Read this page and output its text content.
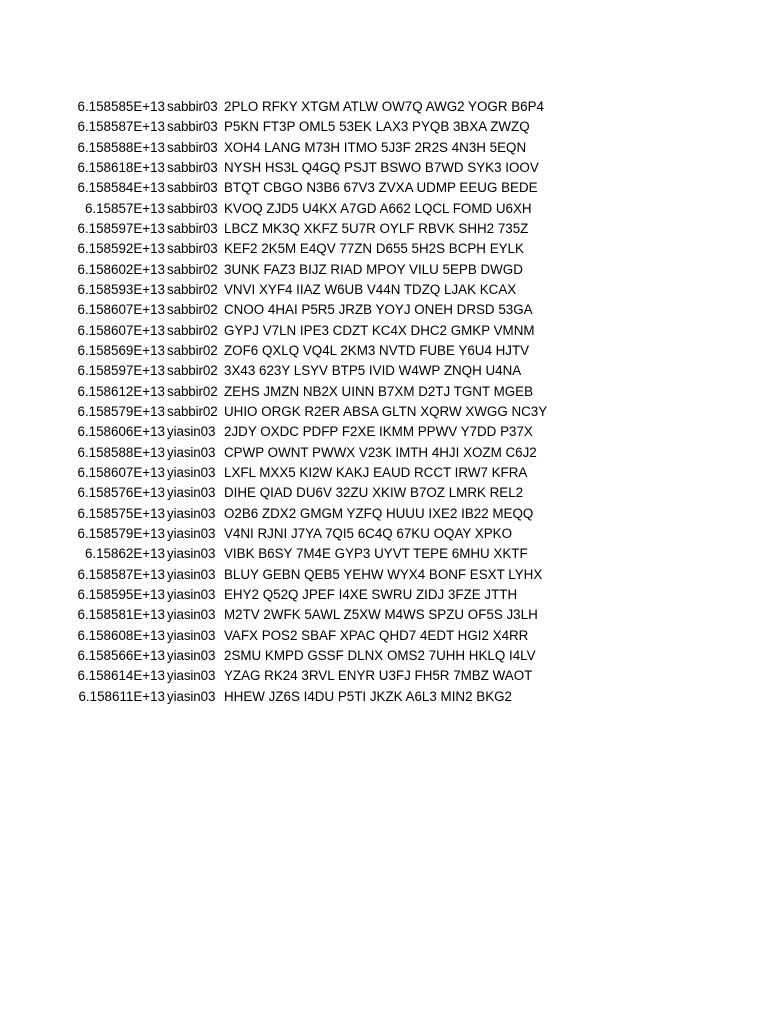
6.158585E+13 sabbir03 2PLO RFKY XTGM ATLW OW7Q AWG2 YOGR B6P4
6.158587E+13 sabbir03 P5KN FT3P OML5 53EK LAX3 PYQB 3BXA ZWZQ
6.158588E+13 sabbir03 XOH4 LANG M73H ITMO 5J3F 2R2S 4N3H 5EQN
6.158618E+13 sabbir03 NYSH HS3L Q4GQ PSJT BSWO B7WD SYK3 IOOV
6.158584E+13 sabbir03 BTQT CBGO N3B6 67V3 ZVXA UDMP EEUG BEDE
6.15857E+13 sabbir03 KVOQ ZJD5 U4KX A7GD A662 LQCL FOMD U6XH
6.158597E+13 sabbir03 LBCZ MK3Q XKFZ 5U7R OYLF RBVK SHH2 735Z
6.158592E+13 sabbir03 KEF2 2K5M E4QV 77ZN D655 5H2S BCPH EYLK
6.158602E+13 sabbir02 3UNK FAZ3 BIJZ RIAD MPOY VILU 5EPB DWGD
6.158593E+13 sabbir02 VNVI XYF4 IIAZ W6UB V44N TDZQ LJAK KCAX
6.158607E+13 sabbir02 CNOO 4HAI P5R5 JRZB YOYJ ONEH DRSD 53GA
6.158607E+13 sabbir02 GYPJ V7LN IPE3 CDZT KC4X DHC2 GMKP VMNM
6.158569E+13 sabbir02 ZOF6 QXLQ VQ4L 2KM3 NVTD FUBE Y6U4 HJTV
6.158597E+13 sabbir02 3X43 623Y LSYV BTP5 IVID W4WP ZNQH U4NA
6.158612E+13 sabbir02 ZEHS JMZN NB2X UINN B7XM D2TJ TGNT MGEB
6.158579E+13 sabbir02 UHIO ORGK R2ER ABSA GLTN XQRW XWGG NC3Y
6.158606E+13 yiasin03 2JDY OXDC PDFP F2XE IKMM PPWV Y7DD P37X
6.158588E+13 yiasin03 CPWP OWNT PWWX V23K IMTH 4HJI XOZM C6J2
6.158607E+13 yiasin03 LXFL MXX5 KI2W KAKJ EAUD RCCT IRW7 KFRA
6.158576E+13 yiasin03 DIHE QIAD DU6V 32ZU XKIW B7OZ LMRK REL2
6.158575E+13 yiasin03 O2B6 ZDX2 GMGM YZFQ HUUU IXE2 IB22 MEQQ
6.158579E+13 yiasin03 V4NI RJNI J7YA 7QI5 6C4Q 67KU OQAY XPKO
6.15862E+13 yiasin03 VIBK B6SY 7M4E GYP3 UYVT TEPE 6MHU XKTF
6.158587E+13 yiasin03 BLUY GEBN QEB5 YEHW WYX4 BONF ESXT LYHX
6.158595E+13 yiasin03 EHY2 Q52Q JPEF I4XE SWRU ZIDJ 3FZE JTTH
6.158581E+13 yiasin03 M2TV 2WFK 5AWL Z5XW M4WS SPZU OF5S J3LH
6.158608E+13 yiasin03 VAFX POS2 SBAF XPAC QHD7 4EDT HGI2 X4RR
6.158566E+13 yiasin03 2SMU KMPD GSSF DLNX OMS2 7UHH HKLQ I4LV
6.158614E+13 yiasin03 YZAG RK24 3RVL ENYR U3FJ FH5R 7MBZ WAOT
6.158611E+13 yiasin03 HHEW JZ6S I4DU P5TI JKZK A6L3 MIN2 BKG2
